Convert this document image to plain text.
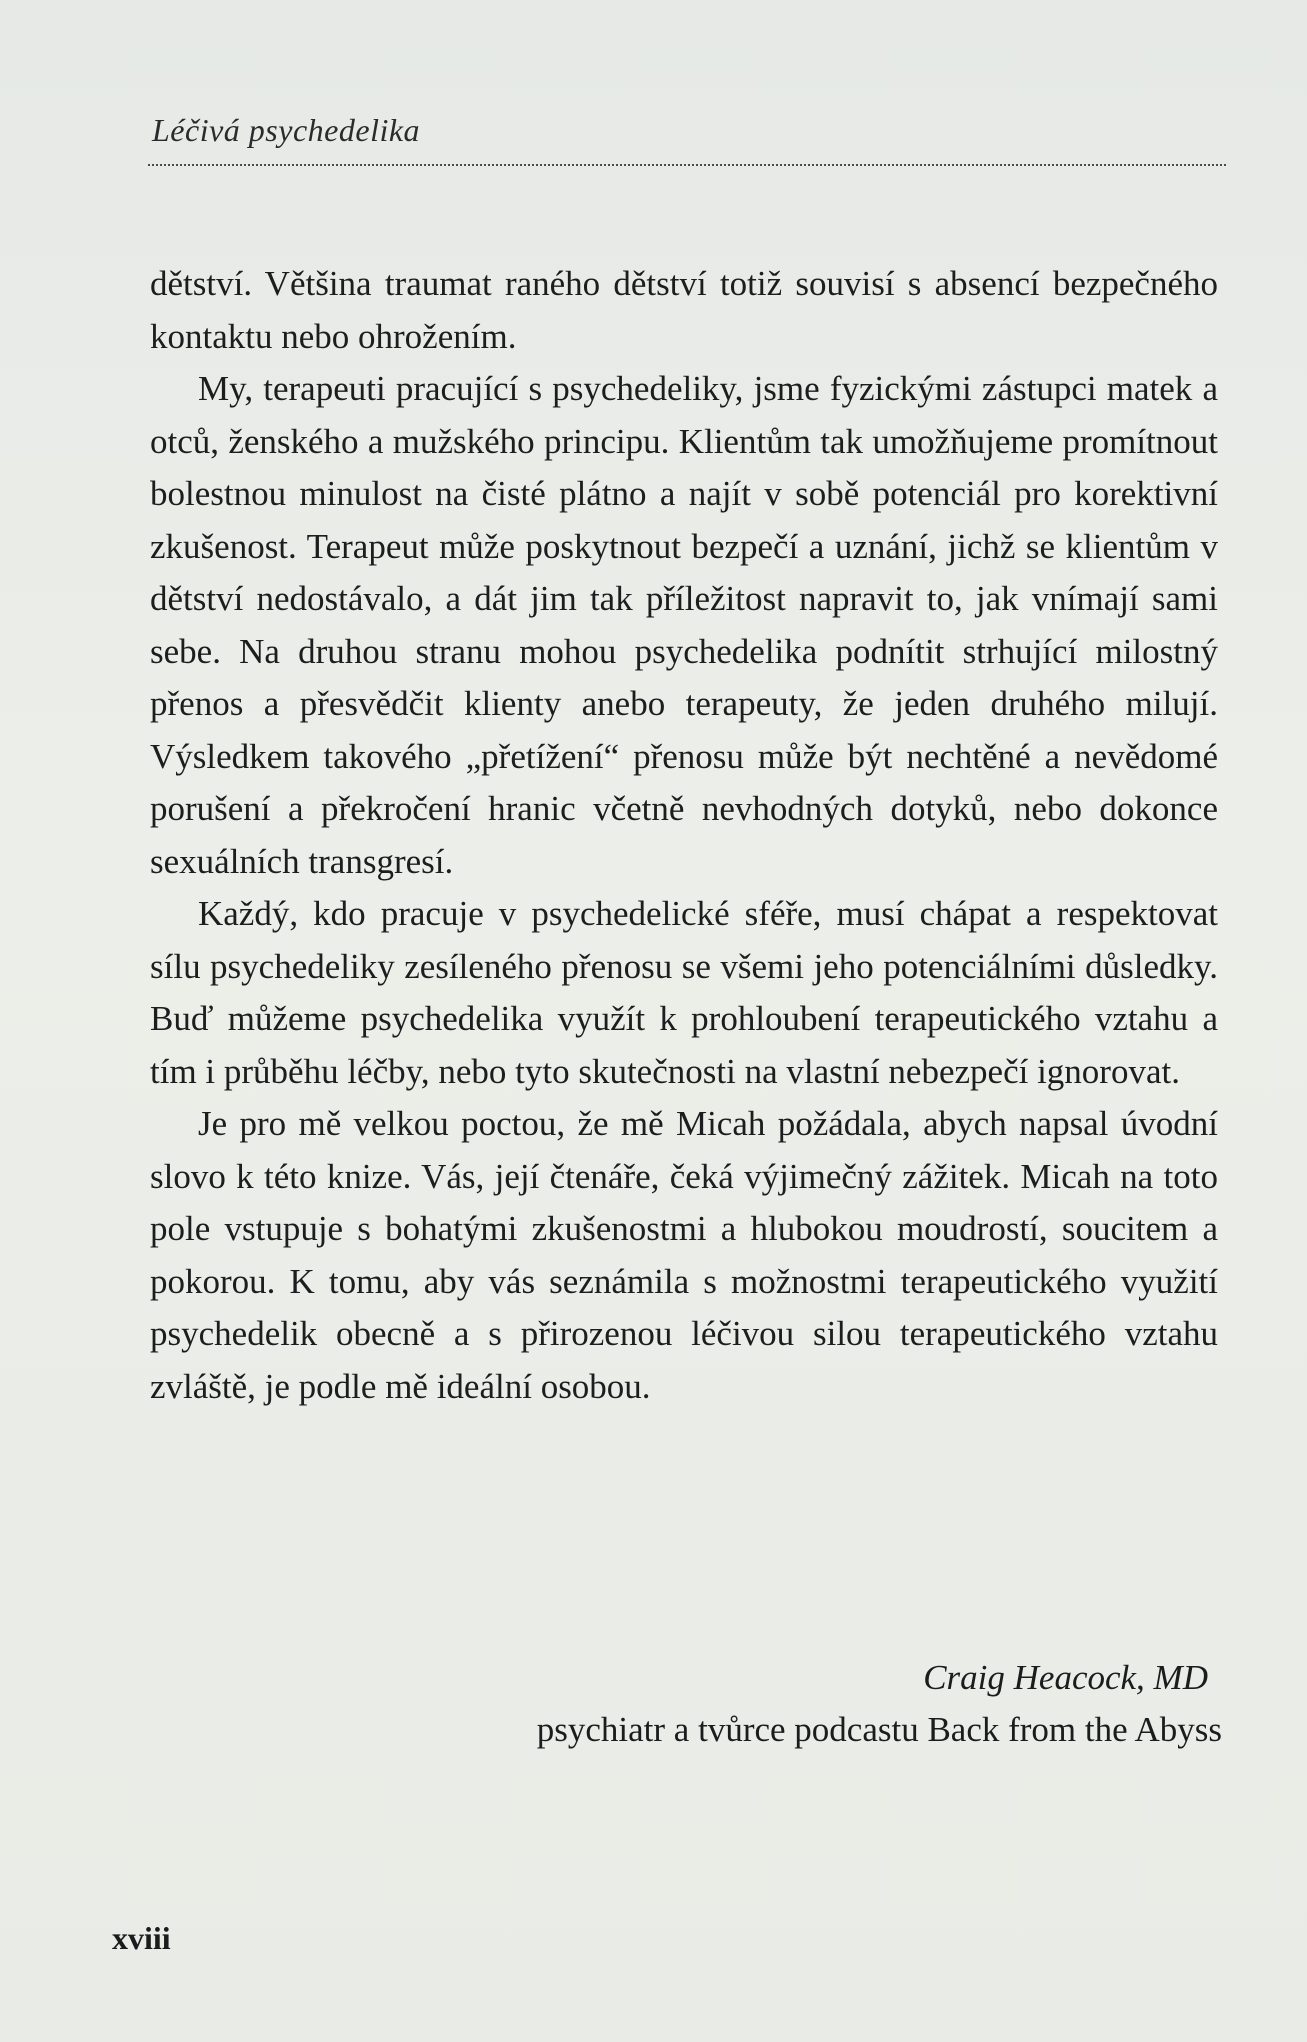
Léčivá psychedelika

dětství. Většina traumat raného dětství totiž souvisí s absencí bezpečného kontaktu nebo ohrožením.

My, terapeuti pracující s psychedeliky, jsme fyzickými zástupci matek a otců, ženského a mužského principu. Klientům tak umožňujeme promítnout bolestnou minulost na čisté plátno a najít v sobě potenciál pro korektivní zkušenost. Terapeut může poskytnout bezpečí a uznání, jichž se klientům v dětství nedostávalo, a dát jim tak příležitost napravit to, jak vnímají sami sebe. Na druhou stranu mohou psychedelika podnítit strhující milostný přenos a přesvědčit klienty anebo terapeuty, že jeden druhého milují. Výsledkem takového „přetížení“ přenosu může být nechtěné a nevědomé porušení a překročení hranic včetně nevhodných dotyků, nebo dokonce sexuálních transgresí.

Každý, kdo pracuje v psychedelické sféře, musí chápat a respektovat sílu psychedeliky zesíleného přenosu se všemi jeho potenciálními důsledky. Buď můžeme psychedelika využít k prohloubení terapeutického vztahu a tím i průběhu léčby, nebo tyto skutečnosti na vlastní nebezpečí ignorovat.

Je pro mě velkou poctou, že mě Micah požádala, abych napsal úvodní slovo k této knize. Vás, její čtenáře, čeká výjimečný zážitek. Micah na toto pole vstupuje s bohatými zkušenostmi a hlubokou moudrostí, soucitem a pokorou. K tomu, aby vás seznámila s možnostmi terapeutického využití psychedelik obecně a s přirozenou léčivou silou terapeutického vztahu zvláště, je podle mě ideální osobou.

Craig Heacock, MD
psychiatr a tvůrce podcastu Back from the Abyss
xviii
